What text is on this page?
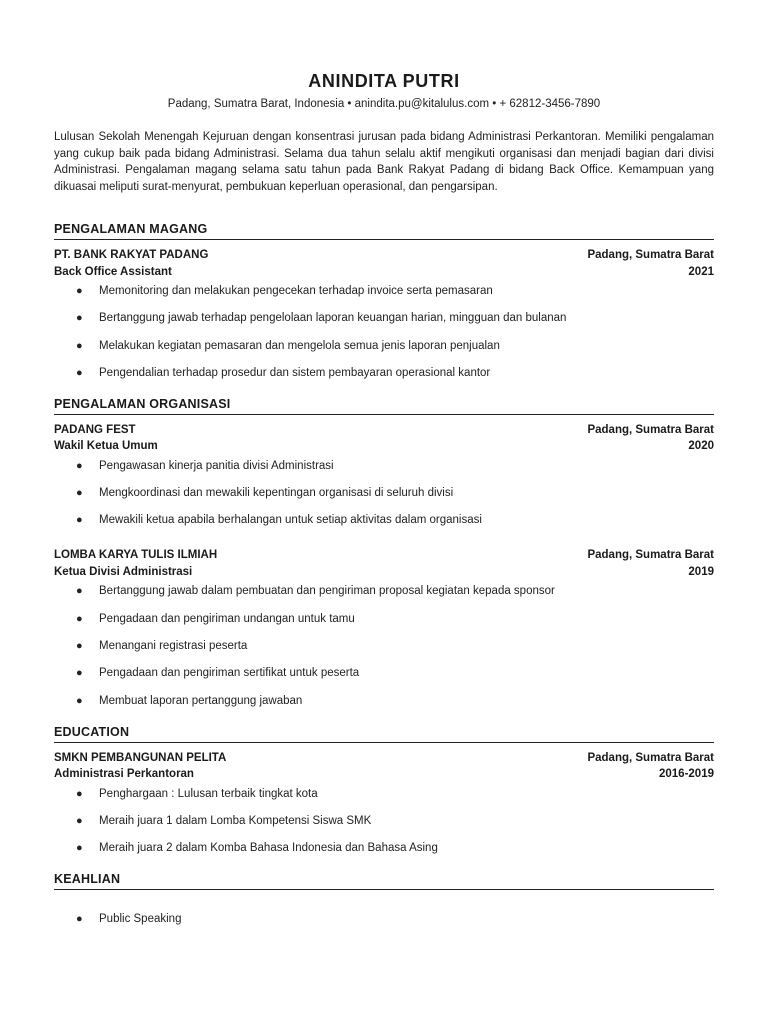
ANINDITA PUTRI
Padang, Sumatra Barat, Indonesia • anindita.pu@kitalulus.com • + 62812-3456-7890
Lulusan Sekolah Menengah Kejuruan dengan konsentrasi jurusan pada bidang Administrasi Perkantoran. Memiliki pengalaman yang cukup baik pada bidang Administrasi. Selama dua tahun selalu aktif mengikuti organisasi dan menjadi bagian dari divisi Administrasi. Pengalaman magang selama satu tahun pada Bank Rakyat Padang di bidang Back Office. Kemampuan yang dikuasai meliputi surat-menyurat, pembukuan keperluan operasional, dan pengarsipan.
PENGALAMAN MAGANG
PT. BANK RAKYAT PADANG	Padang, Sumatra Barat
Back Office Assistant	2021
● Memonitoring dan melakukan pengecekan terhadap invoice serta pemasaran
● Bertanggung jawab terhadap pengelolaan laporan keuangan harian, mingguan dan bulanan
● Melakukan kegiatan pemasaran dan mengelola semua jenis laporan penjualan
● Pengendalian terhadap prosedur dan sistem pembayaran operasional kantor
PENGALAMAN ORGANISASI
PADANG FEST	Padang, Sumatra Barat
Wakil Ketua Umum	2020
● Pengawasan kinerja panitia divisi Administrasi
● Mengkoordinasi dan mewakili kepentingan organisasi di seluruh divisi
● Mewakili ketua apabila berhalangan untuk setiap aktivitas dalam organisasi
LOMBA KARYA TULIS ILMIAH	Padang, Sumatra Barat
Ketua Divisi Administrasi	2019
● Bertanggung jawab dalam pembuatan dan pengiriman proposal kegiatan kepada sponsor
● Pengadaan dan pengiriman undangan untuk tamu
● Menangani registrasi peserta
● Pengadaan dan pengiriman sertifikat untuk peserta
● Membuat laporan pertanggung jawaban
EDUCATION
SMKN PEMBANGUNAN PELITA	Padang, Sumatra Barat
Administrasi Perkantoran	2016-2019
● Penghargaan : Lulusan terbaik tingkat kota
● Meraih juara 1 dalam Lomba Kompetensi Siswa SMK
● Meraih juara 2 dalam Komba Bahasa Indonesia dan Bahasa Asing
KEAHLIAN
● Public Speaking
